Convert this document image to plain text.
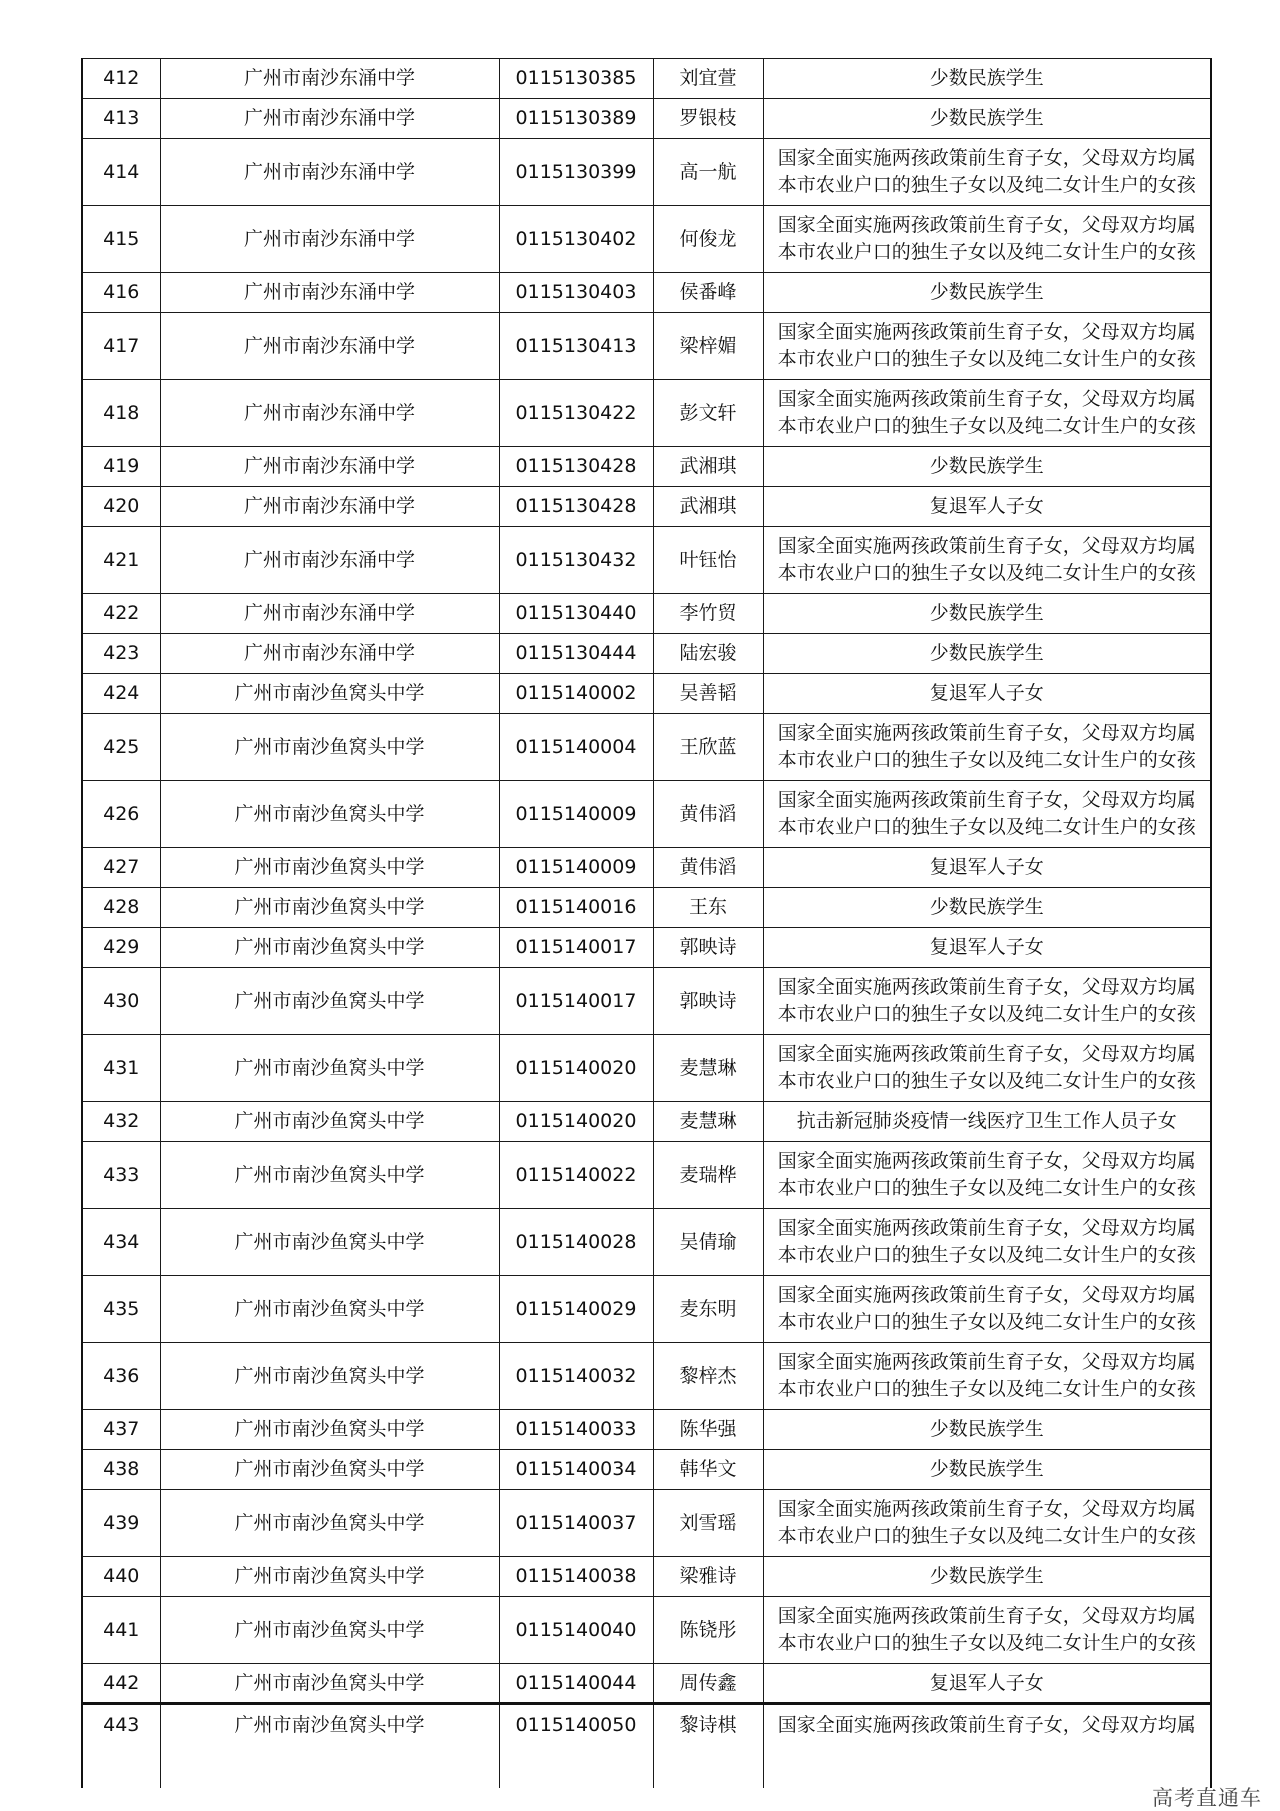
412	广州市南沙东涌中学	0115130385	刘宜萱	少数民族学生

413	广州市南沙东涌中学	0115130389	罗银枝	少数民族学生

414	广州市南沙东涌中学	0115130399	高一航	国家全面实施两孩政策前生育子女，父母双方均属
本市农业户口的独生子女以及纯二女计生户的女孩

415	广州市南沙东涌中学	0115130402	何俊龙	国家全面实施两孩政策前生育子女，父母双方均属
本市农业户口的独生子女以及纯二女计生户的女孩

416	广州市南沙东涌中学	0115130403	侯番峰	少数民族学生

417	广州市南沙东涌中学	0115130413	梁梓媚	国家全面实施两孩政策前生育子女，父母双方均属
本市农业户口的独生子女以及纯二女计生户的女孩

418	广州市南沙东涌中学	0115130422	彭文轩	国家全面实施两孩政策前生育子女，父母双方均属
本市农业户口的独生子女以及纯二女计生户的女孩

419	广州市南沙东涌中学	0115130428	武湘琪	少数民族学生

420	广州市南沙东涌中学	0115130428	武湘琪	复退军人子女

421	广州市南沙东涌中学	0115130432	叶钰怡	国家全面实施两孩政策前生育子女，父母双方均属
本市农业户口的独生子女以及纯二女计生户的女孩

422	广州市南沙东涌中学	0115130440	李竹贸	少数民族学生

423	广州市南沙东涌中学	0115130444	陆宏骏	少数民族学生

424	广州市南沙鱼窝头中学	0115140002	吴善韬	复退军人子女

425	广州市南沙鱼窝头中学	0115140004	王欣蓝	国家全面实施两孩政策前生育子女，父母双方均属
本市农业户口的独生子女以及纯二女计生户的女孩

426	广州市南沙鱼窝头中学	0115140009	黄伟滔	国家全面实施两孩政策前生育子女，父母双方均属
本市农业户口的独生子女以及纯二女计生户的女孩

427	广州市南沙鱼窝头中学	0115140009	黄伟滔	复退军人子女

428	广州市南沙鱼窝头中学	0115140016	王东	少数民族学生

429	广州市南沙鱼窝头中学	0115140017	郭映诗	复退军人子女

430	广州市南沙鱼窝头中学	0115140017	郭映诗	国家全面实施两孩政策前生育子女，父母双方均属
本市农业户口的独生子女以及纯二女计生户的女孩

431	广州市南沙鱼窝头中学	0115140020	麦慧琳	国家全面实施两孩政策前生育子女，父母双方均属
本市农业户口的独生子女以及纯二女计生户的女孩

432	广州市南沙鱼窝头中学	0115140020	麦慧琳	抗击新冠肺炎疫情一线医疗卫生工作人员子女

433	广州市南沙鱼窝头中学	0115140022	麦瑞桦	国家全面实施两孩政策前生育子女，父母双方均属
本市农业户口的独生子女以及纯二女计生户的女孩

434	广州市南沙鱼窝头中学	0115140028	吴倩瑜	国家全面实施两孩政策前生育子女，父母双方均属
本市农业户口的独生子女以及纯二女计生户的女孩

435	广州市南沙鱼窝头中学	0115140029	麦东明	国家全面实施两孩政策前生育子女，父母双方均属
本市农业户口的独生子女以及纯二女计生户的女孩

436	广州市南沙鱼窝头中学	0115140032	黎梓杰	国家全面实施两孩政策前生育子女，父母双方均属
本市农业户口的独生子女以及纯二女计生户的女孩

437	广州市南沙鱼窝头中学	0115140033	陈华强	少数民族学生

438	广州市南沙鱼窝头中学	0115140034	韩华文	少数民族学生

439	广州市南沙鱼窝头中学	0115140037	刘雪瑶	国家全面实施两孩政策前生育子女，父母双方均属
本市农业户口的独生子女以及纯二女计生户的女孩

440	广州市南沙鱼窝头中学	0115140038	梁雅诗	少数民族学生

441	广州市南沙鱼窝头中学	0115140040	陈铙彤	国家全面实施两孩政策前生育子女，父母双方均属
本市农业户口的独生子女以及纯二女计生户的女孩

442	广州市南沙鱼窝头中学	0115140044	周传鑫	复退军人子女

443	广州市南沙鱼窝头中学	0115140050	黎诗棋	国家全面实施两孩政策前生育子女，父母双方均属
高考直通车
